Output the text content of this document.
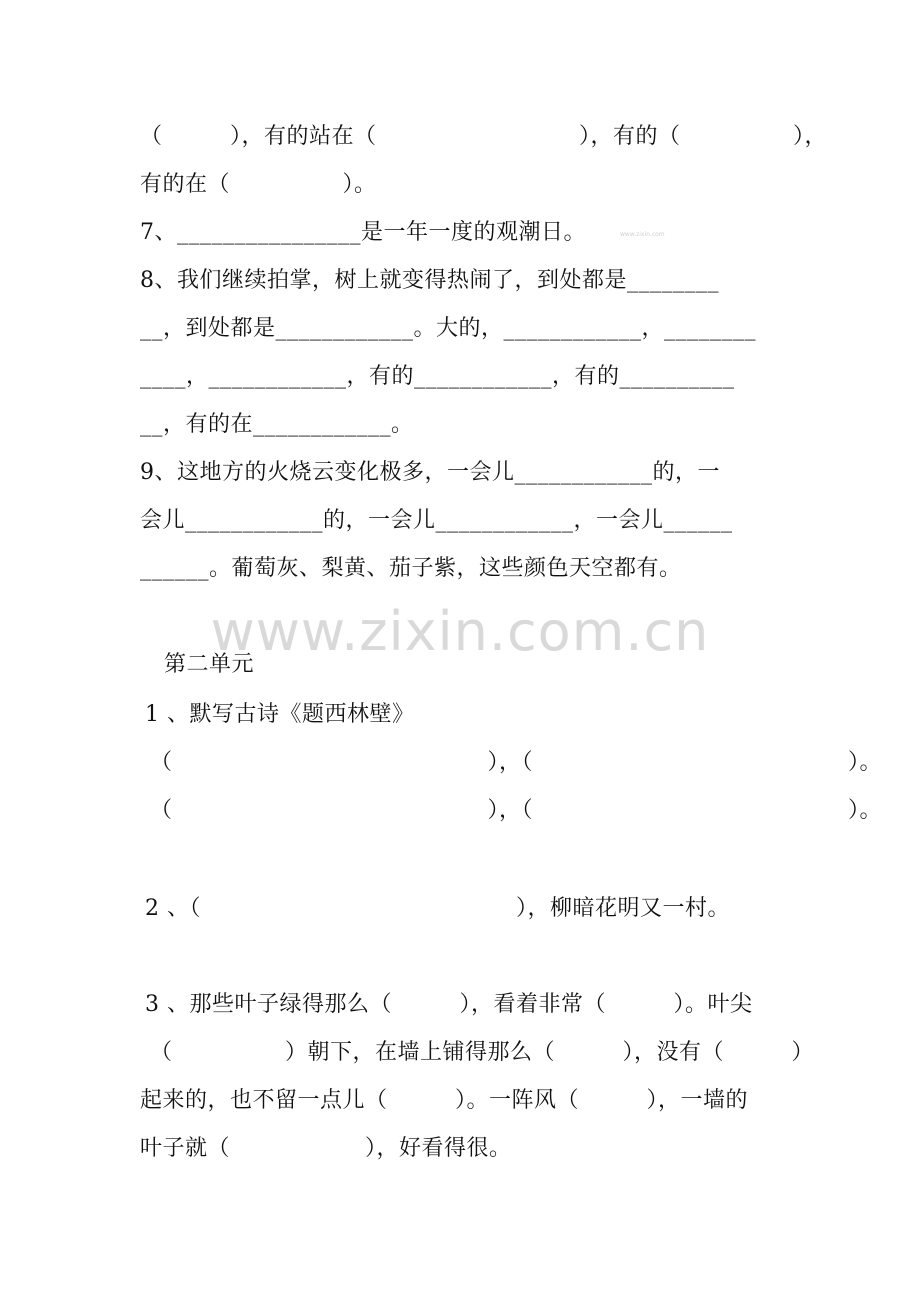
（　　　），有的站在（　　　　　　　　　），有的（　　　　　），
有的在（　　　　　）。
7、________________是一年一度的观潮日。	www.zixin.com
8、我们继续拍掌，树上就变得热闹了，到处都是________
__，到处都是____________。大的，____________，________
____，____________，有的____________，有的__________
__，有的在____________。
9、这地方的火烧云变化极多，一会儿____________的，一
会儿____________的，一会儿____________，一会儿______
______。葡萄灰、梨黄、茄子紫，这些颜色天空都有。
www.zixin.com.cn
第二单元
1 、默写古诗《题西林壁》
（　　　　　　　　　　　　　　），（　　　　　　　　　　　　　　）。
（　　　　　　　　　　　　　　），（　　　　　　　　　　　　　　）。
2 、（　　　　　　　　　　　　　　），柳暗花明又一村。
3 、那些叶子绿得那么（　　　），看着非常（　　　）。叶尖
（　　　　　）朝下，在墙上铺得那么（　　　），没有（　　　）
起来的，也不留一点儿（　　　）。一阵风（　　　），一墙的
叶子就（　　　　　　），好看得很。
